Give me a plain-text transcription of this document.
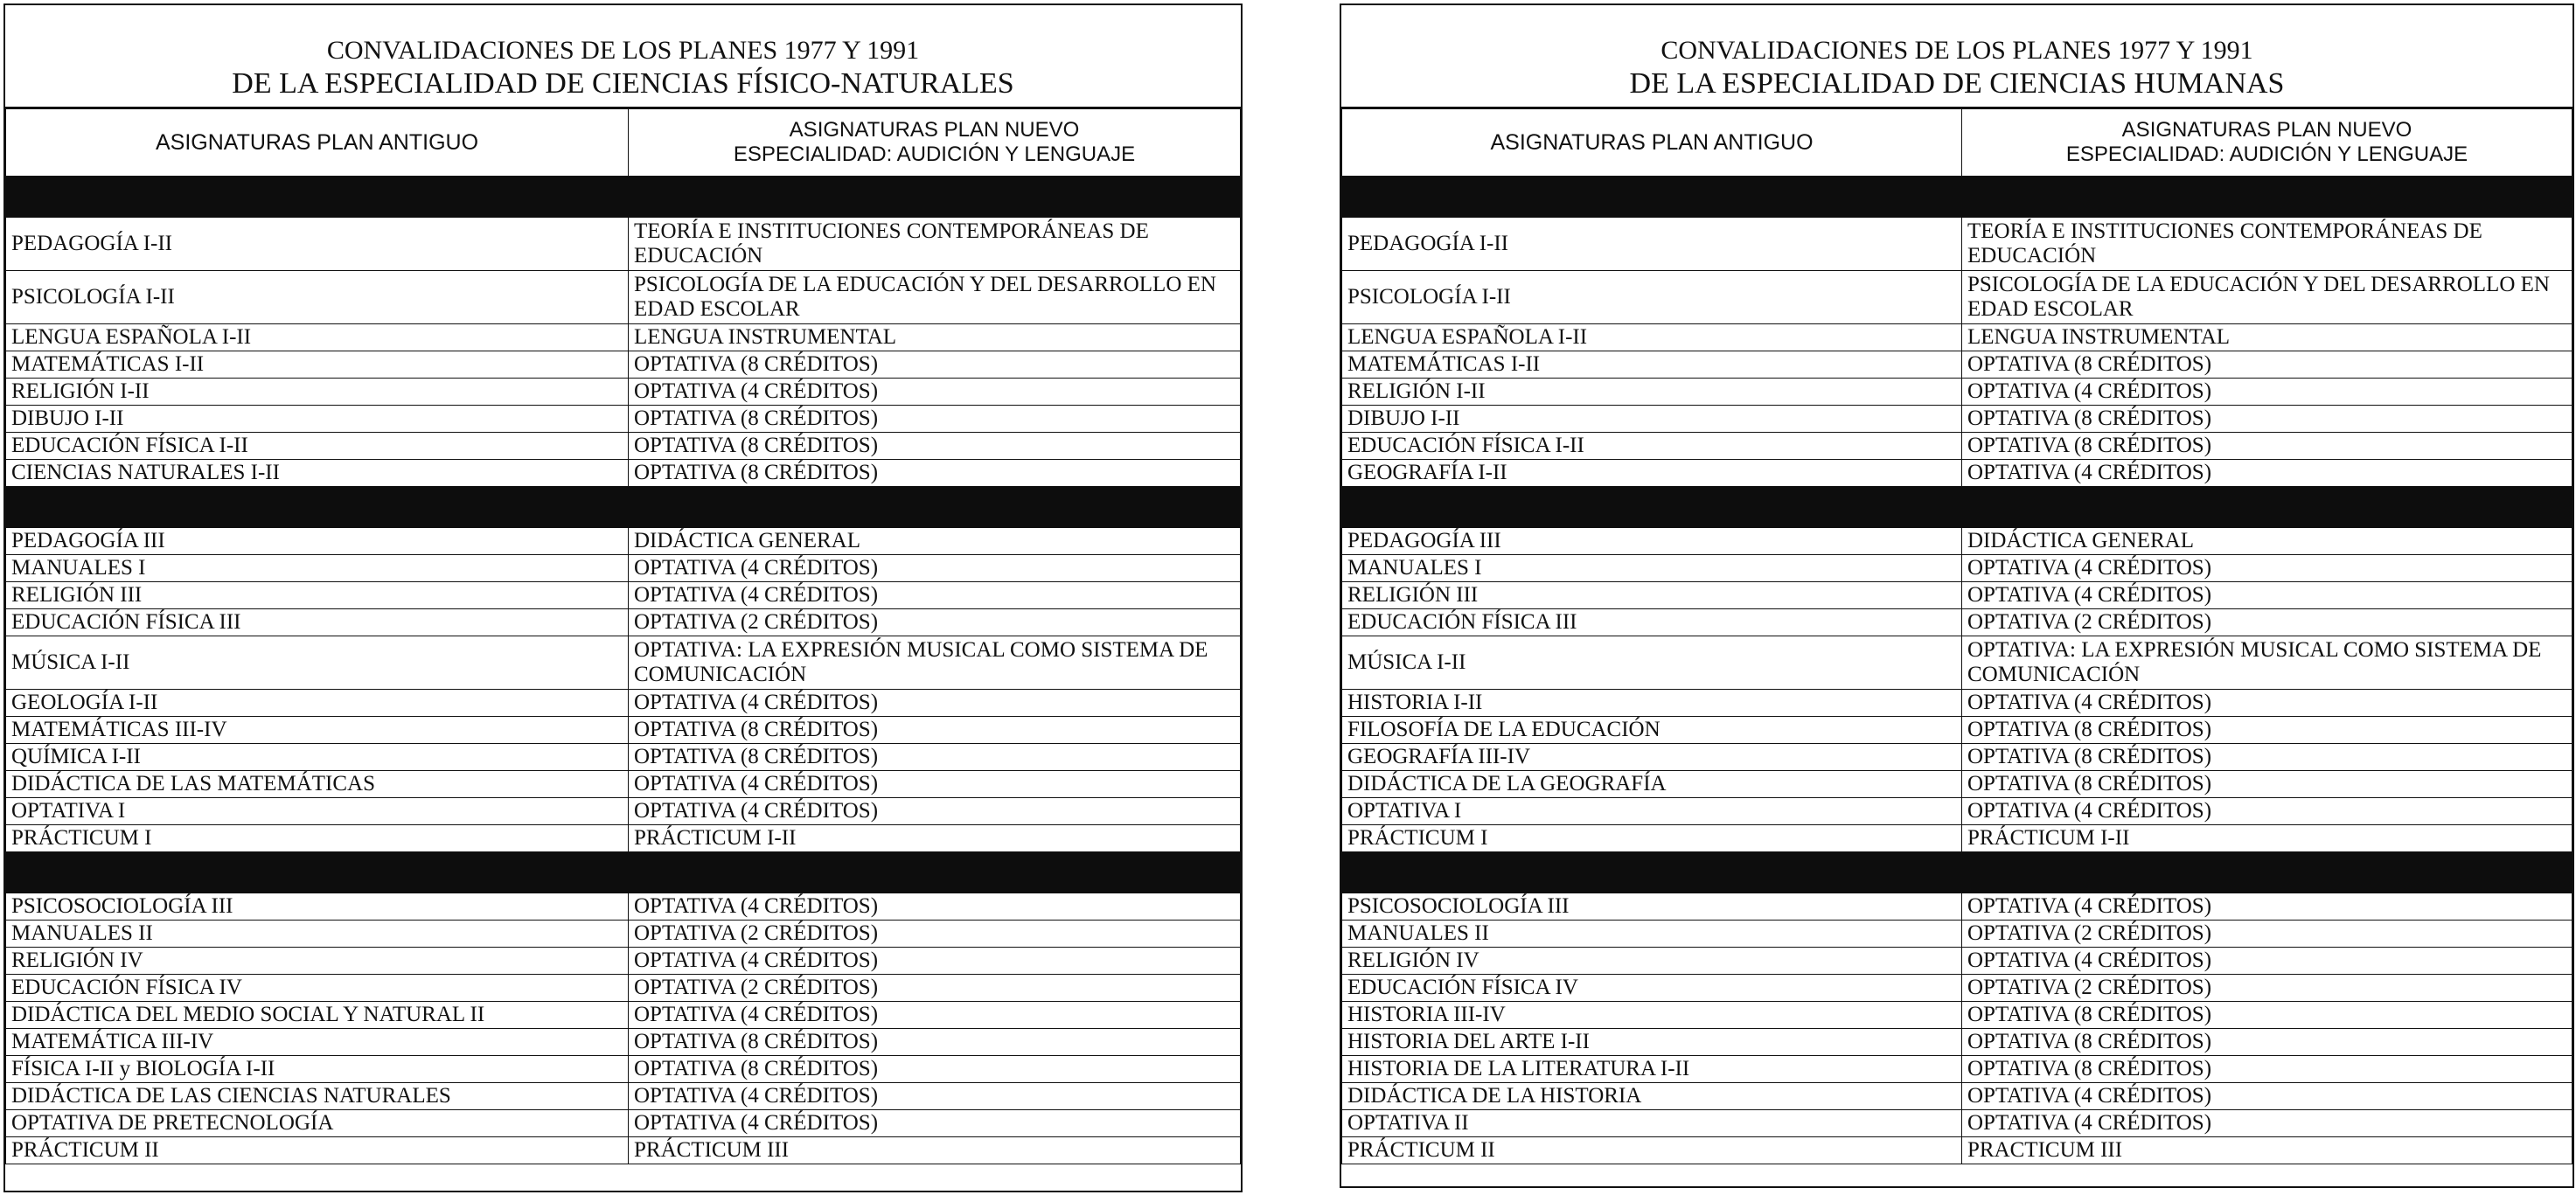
CONVALIDACIONES DE LOS PLANES 1977 Y 1991
DE LA ESPECIALIDAD DE CIENCIAS FÍSICO-NATURALES
ASIGNATURAS PLAN ANTIGUO	ASIGNATURAS PLAN NUEVO
ESPECIALIDAD: AUDICIÓN Y LENGUAJE

PEDAGOGÍA I-II	TEORÍA E INSTITUCIONES CONTEMPORÁNEAS DE EDUCACIÓN
PSICOLOGÍA I-II	PSICOLOGÍA DE LA EDUCACIÓN Y DEL DESARROLLO EN EDAD ESCOLAR
LENGUA ESPAÑOLA I-II	LENGUA INSTRUMENTAL
MATEMÁTICAS I-II	OPTATIVA (8 CRÉDITOS)
RELIGIÓN I-II	OPTATIVA (4 CRÉDITOS)
DIBUJO I-II	OPTATIVA (8 CRÉDITOS)
EDUCACIÓN FÍSICA I-II	OPTATIVA (8 CRÉDITOS)
CIENCIAS NATURALES I-II	OPTATIVA (8 CRÉDITOS)

PEDAGOGÍA III	DIDÁCTICA GENERAL
MANUALES I	OPTATIVA (4 CRÉDITOS)
RELIGIÓN III	OPTATIVA (4 CRÉDITOS)
EDUCACIÓN FÍSICA III	OPTATIVA (2 CRÉDITOS)
MÚSICA I-II	OPTATIVA: LA EXPRESIÓN MUSICAL COMO SISTEMA DE COMUNICACIÓN
GEOLOGÍA I-II	OPTATIVA (4 CRÉDITOS)
MATEMÁTICAS III-IV	OPTATIVA (8 CRÉDITOS)
QUÍMICA I-II	OPTATIVA (8 CRÉDITOS)
DIDÁCTICA DE LAS MATEMÁTICAS	OPTATIVA (4 CRÉDITOS)
OPTATIVA I	OPTATIVA (4 CRÉDITOS)
PRÁCTICUM I	PRÁCTICUM I-II

PSICOSOCIOLOGÍA III	OPTATIVA (4 CRÉDITOS)
MANUALES II	OPTATIVA (2 CRÉDITOS)
RELIGIÓN IV	OPTATIVA (4 CRÉDITOS)
EDUCACIÓN FÍSICA IV	OPTATIVA (2 CRÉDITOS)
DIDÁCTICA DEL MEDIO SOCIAL Y NATURAL II	OPTATIVA (4 CRÉDITOS)
MATEMÁTICA III-IV	OPTATIVA (8 CRÉDITOS)
FÍSICA I-II y BIOLOGÍA I-II	OPTATIVA (8 CRÉDITOS)
DIDÁCTICA DE LAS CIENCIAS NATURALES	OPTATIVA (4 CRÉDITOS)
OPTATIVA DE PRETECNOLOGÍA	OPTATIVA (4 CRÉDITOS)
PRÁCTICUM II	PRÁCTICUM III
CONVALIDACIONES DE LOS PLANES 1977 Y 1991
DE LA ESPECIALIDAD DE CIENCIAS HUMANAS
ASIGNATURAS PLAN ANTIGUO	ASIGNATURAS PLAN NUEVO
ESPECIALIDAD: AUDICIÓN Y LENGUAJE

PEDAGOGÍA I-II	TEORÍA E INSTITUCIONES CONTEMPORÁNEAS DE EDUCACIÓN
PSICOLOGÍA I-II	PSICOLOGÍA DE LA EDUCACIÓN Y DEL DESARROLLO EN EDAD ESCOLAR
LENGUA ESPAÑOLA I-II	LENGUA INSTRUMENTAL
MATEMÁTICAS I-II	OPTATIVA (8 CRÉDITOS)
RELIGIÓN I-II	OPTATIVA (4 CRÉDITOS)
DIBUJO I-II	OPTATIVA (8 CRÉDITOS)
EDUCACIÓN FÍSICA I-II	OPTATIVA (8 CRÉDITOS)
GEOGRAFÍA I-II	OPTATIVA (4 CRÉDITOS)

PEDAGOGÍA III	DIDÁCTICA GENERAL
MANUALES I	OPTATIVA (4 CRÉDITOS)
RELIGIÓN III	OPTATIVA (4 CRÉDITOS)
EDUCACIÓN FÍSICA III	OPTATIVA (2 CRÉDITOS)
MÚSICA I-II	OPTATIVA: LA EXPRESIÓN MUSICAL COMO SISTEMA DE COMUNICACIÓN
HISTORIA I-II	OPTATIVA (4 CRÉDITOS)
FILOSOFÍA DE LA EDUCACIÓN	OPTATIVA (8 CRÉDITOS)
GEOGRAFÍA III-IV	OPTATIVA (8 CRÉDITOS)
DIDÁCTICA DE LA GEOGRAFÍA	OPTATIVA (8 CRÉDITOS)
OPTATIVA I	OPTATIVA (4 CRÉDITOS)
PRÁCTICUM I	PRÁCTICUM I-II

PSICOSOCIOLOGÍA III	OPTATIVA (4 CRÉDITOS)
MANUALES II	OPTATIVA (2 CRÉDITOS)
RELIGIÓN IV	OPTATIVA (4 CRÉDITOS)
EDUCACIÓN FÍSICA IV	OPTATIVA (2 CRÉDITOS)
HISTORIA III-IV	OPTATIVA (8 CRÉDITOS)
HISTORIA DEL ARTE I-II	OPTATIVA (8 CRÉDITOS)
HISTORIA DE LA LITERATURA I-II	OPTATIVA (8 CRÉDITOS)
DIDÁCTICA DE LA HISTORIA	OPTATIVA (4 CRÉDITOS)
OPTATIVA II	OPTATIVA (4 CRÉDITOS)
PRÁCTICUM II	PRACTICUM III
